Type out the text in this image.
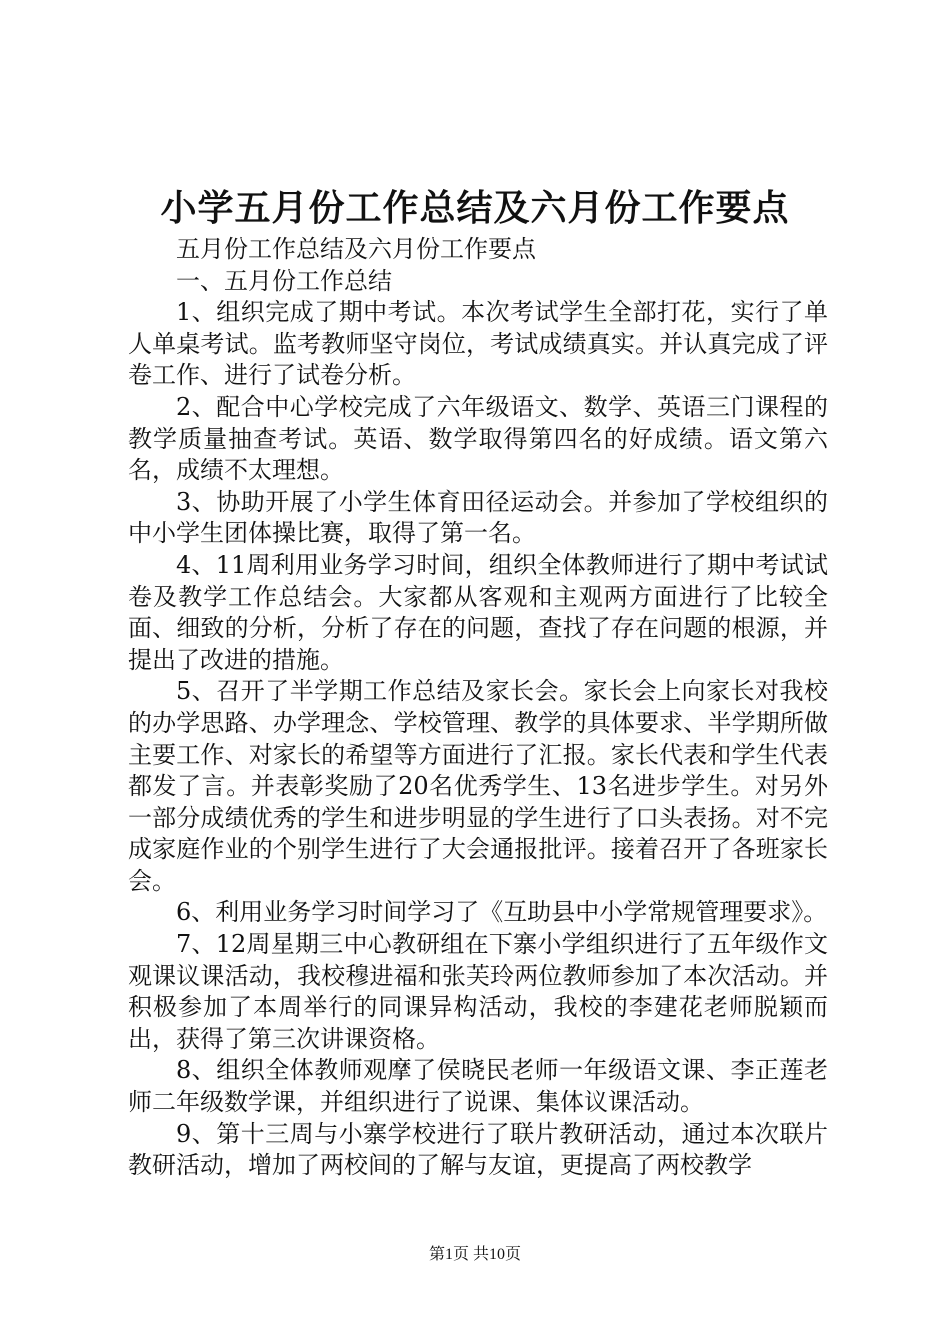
小学五月份工作总结及六月份工作要点

五月份工作总结及六月份工作要点

一、五月份工作总结

1、组织完成了期中考试。本次考试学生全部打花，实行了单人单桌考试。监考教师坚守岗位，考试成绩真实。并认真完成了评卷工作、进行了试卷分析。

2、配合中心学校完成了六年级语文、数学、英语三门课程的教学质量抽查考试。英语、数学取得第四名的好成绩。语文第六名，成绩不太理想。

3、协助开展了小学生体育田径运动会。并参加了学校组织的中小学生团体操比赛，取得了第一名。

4、11周利用业务学习时间，组织全体教师进行了期中考试试卷及教学工作总结会。大家都从客观和主观两方面进行了比较全面、细致的分析，分析了存在的问题，查找了存在问题的根源，并提出了改进的措施。

5、召开了半学期工作总结及家长会。家长会上向家长对我校的办学思路、办学理念、学校管理、教学的具体要求、半学期所做主要工作、对家长的希望等方面进行了汇报。家长代表和学生代表都发了言。并表彰奖励了20名优秀学生、13名进步学生。对另外一部分成绩优秀的学生和进步明显的学生进行了口头表扬。对不完成家庭作业的个别学生进行了大会通报批评。接着召开了各班家长会。

6、利用业务学习时间学习了《互助县中小学常规管理要求》。

7、12周星期三中心教研组在下寨小学组织进行了五年级作文观课议课活动，我校穆进福和张芙玲两位教师参加了本次活动。并积极参加了本周举行的同课异构活动，我校的李建花老师脱颖而出，获得了第三次讲课资格。

8、组织全体教师观摩了侯晓民老师一年级语文课、李正莲老师二年级数学课，并组织进行了说课、集体议课活动。

9、第十三周与小寨学校进行了联片教研活动，通过本次联片教研活动，增加了两校间的了解与友谊，更提高了两校教学

第1页 共10页
